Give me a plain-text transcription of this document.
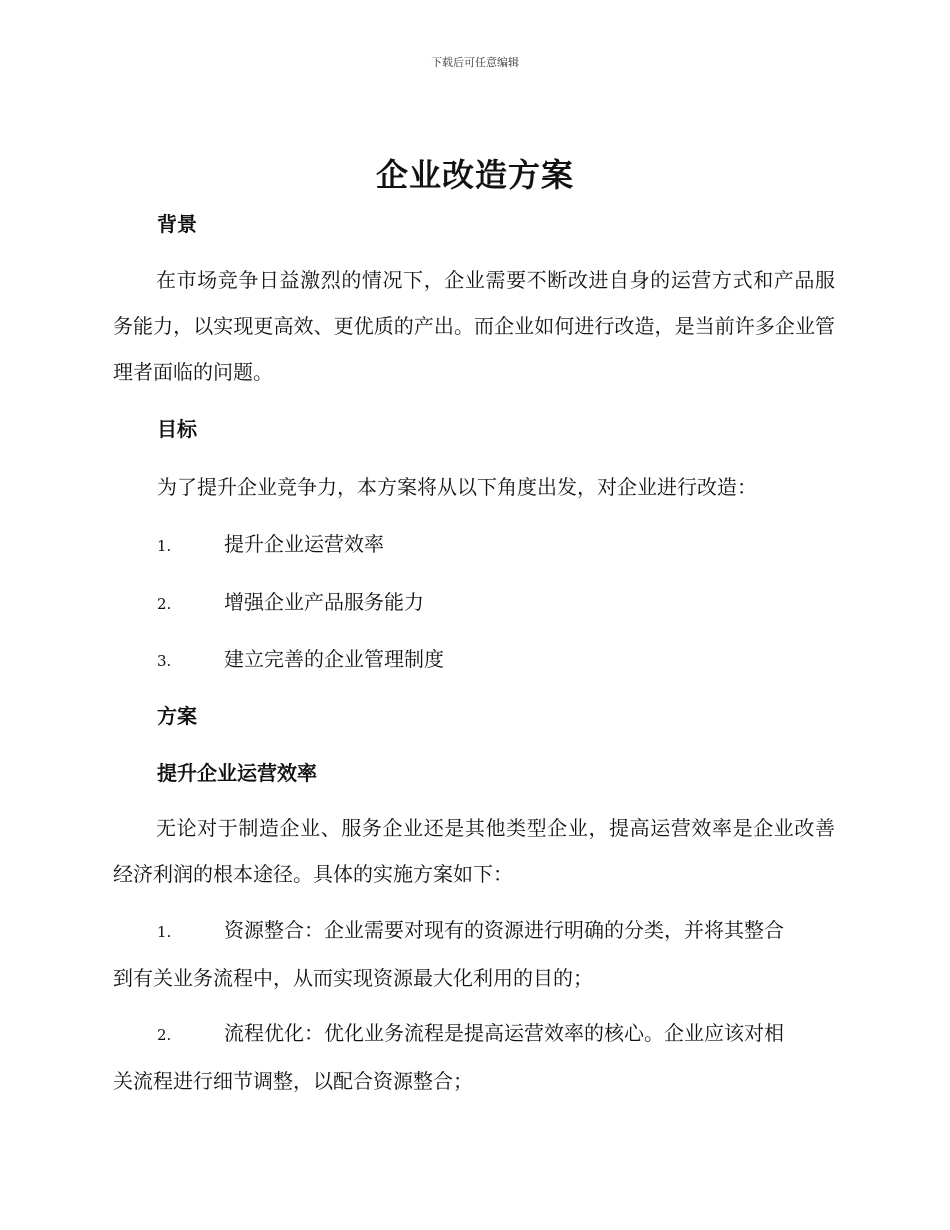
下载后可任意编辑
企业改造方案
背景

在市场竞争日益激烈的情况下，企业需要不断改进自身的运营方式和产品服务能力，以实现更高效、更优质的产出。而企业如何进行改造，是当前许多企业管理者面临的问题。

目标

为了提升企业竞争力，本方案将从以下角度出发，对企业进行改造：

1.	提升企业运营效率
2.	增强企业产品服务能力
3.	建立完善的企业管理制度
方案
提升企业运营效率

无论对于制造企业、服务企业还是其他类型企业，提高运营效率是企业改善经济利润的根本途径。具体的实施方案如下：

1.	资源整合：企业需要对现有的资源进行明确的分类，并将其整合
到有关业务流程中，从而实现资源最大化利用的目的；
2.	流程优化：优化业务流程是提高运营效率的核心。企业应该对相
关流程进行细节调整，以配合资源整合；
